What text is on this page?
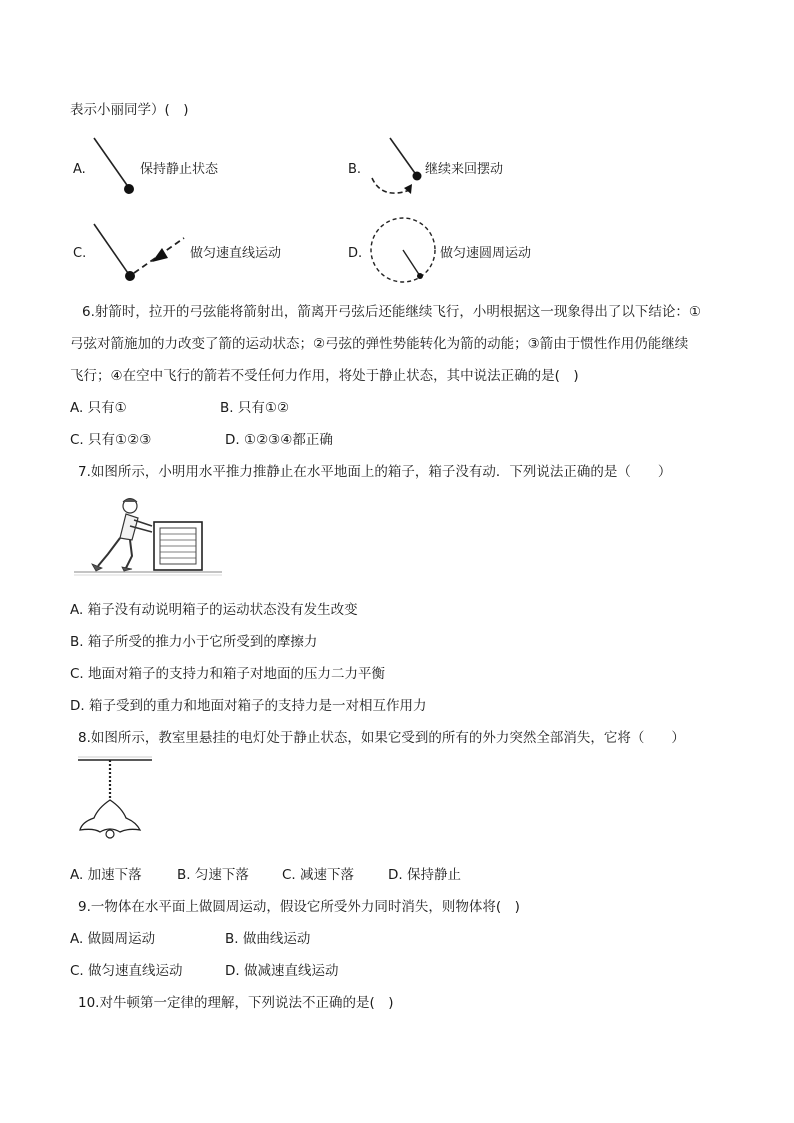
表示小丽同学）(　)
A.	保持静止状态	B.	继续来回摆动
C.	做匀速直线运动	D.	做匀速圆周运动
6.射箭时，拉开的弓弦能将箭射出，箭离开弓弦后还能继续飞行，小明根据这一现象得出了以下结论：①
弓弦对箭施加的力改变了箭的运动状态；②弓弦的弹性势能转化为箭的动能；③箭由于惯性作用仍能继续
飞行；④在空中飞行的箭若不受任何力作用，将处于静止状态，其中说法正确的是(　)
A. 只有①	B. 只有①②
C. 只有①②③	D. ①②③④都正确
7.如图所示，小明用水平推力推静止在水平地面上的箱子，箱子没有动．下列说法正确的是（　　）
A. 箱子没有动说明箱子的运动状态没有发生改变
B. 箱子所受的推力小于它所受到的摩擦力
C. 地面对箱子的支持力和箱子对地面的压力二力平衡
D. 箱子受到的重力和地面对箱子的支持力是一对相互作用力
8.如图所示，教室里悬挂的电灯处于静止状态，如果它受到的所有的外力突然全部消失，它将（　　）
A. 加速下落	B. 匀速下落 C. 减速下落	D. 保持静止
9.一物体在水平面上做圆周运动，假设它所受外力同时消失，则物体将(　)
A. 做圆周运动	B. 做曲线运动
C. 做匀速直线运动	D. 做减速直线运动
10.对牛顿第一定律的理解，下列说法不正确的是(　)
